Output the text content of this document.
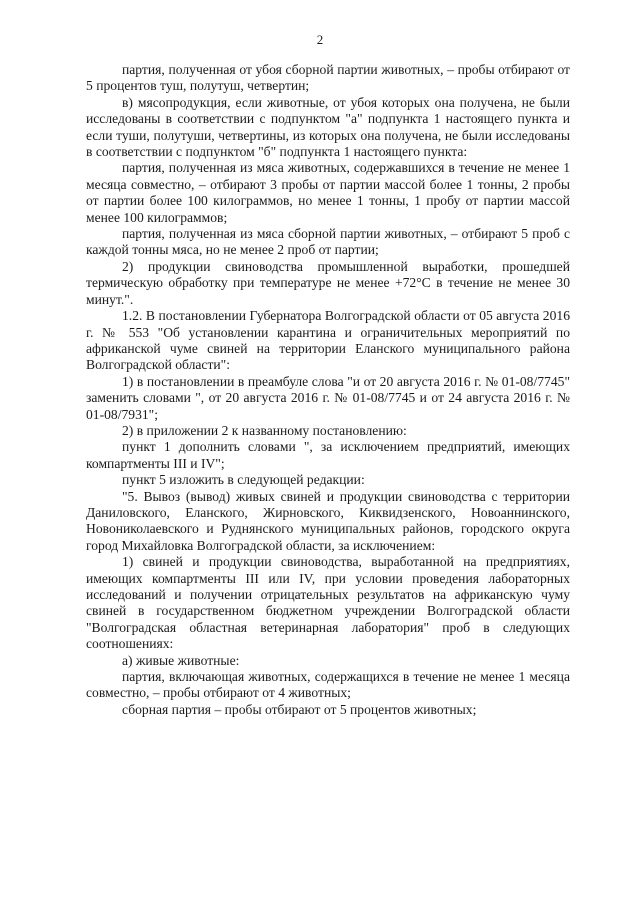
2

партия, полученная от убоя сборной партии животных, – пробы отбирают от 5 процентов туш, полутуш, четвертин;

в) мясопродукция, если животные, от убоя которых она получена, не были исследованы в соответствии с подпунктом "а" подпункта 1 настоящего пункта и если туши, полутуши, четвертины, из которых она получена, не были исследованы в соответствии с подпунктом "б" подпункта 1 настоящего пункта:

партия, полученная из мяса животных, содержавшихся в течение не менее 1 месяца совместно, – отбирают 3 пробы от партии массой более 1 тонны, 2 пробы от партии более 100 килограммов, но менее 1 тонны, 1 пробу от партии массой менее 100 килограммов;

партия, полученная из мяса сборной партии животных, – отбирают 5 проб с каждой тонны мяса, но не менее 2 проб от партии;

2) продукции свиноводства промышленной выработки, прошедшей термическую обработку при температуре не менее +72°С в течение не менее 30 минут.".

1.2. В постановлении Губернатора Волгоградской области от 05 августа 2016 г. № 553 "Об установлении карантина и ограничительных мероприятий по африканской чуме свиней на территории Еланского муниципального района Волгоградской области":

1) в постановлении в преамбуле слова "и от 20 августа 2016 г. № 01-08/7745" заменить словами ", от 20 августа 2016 г. № 01-08/7745 и от 24 августа 2016 г. № 01-08/7931";

2) в приложении 2 к названному постановлению:

пункт 1 дополнить словами ", за исключением предприятий, имеющих компартменты III и IV";

пункт 5 изложить в следующей редакции:

"5. Вывоз (вывод) живых свиней и продукции свиноводства с территории Даниловского, Еланского, Жирновского, Киквидзенского, Новоаннинского, Новониколаевского и Руднянского муниципальных районов, городского округа город Михайловка Волгоградской области, за исключением:

1) свиней и продукции свиноводства, выработанной на предприятиях, имеющих компартменты III или IV, при условии проведения лабораторных исследований и получении отрицательных результатов на африканскую чуму свиней в государственном бюджетном учреждении Волгоградской области "Волгоградская областная ветеринарная лаборатория" проб в следующих соотношениях:

а) живые животные:

партия, включающая животных, содержащихся в течение не менее 1 месяца совместно, – пробы отбирают от 4 животных;

сборная партия – пробы отбирают от 5 процентов животных;
